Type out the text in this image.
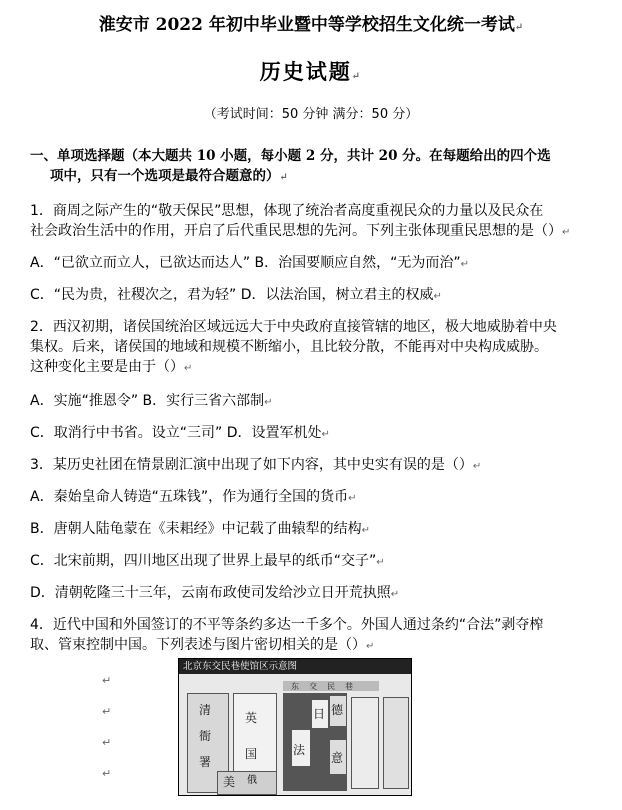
淮安市 2022 年初中毕业暨中等学校招生文化统一考试↵
历史试题↵
（考试时间：50 分钟 满分：50 分）
一、单项选择题（本大题共 10 小题，每小题 2 分，共计 20 分。在每题给出的四个选
项中，只有一个选项是最符合题意的）↵
1．商周之际产生的“敬天保民”思想，体现了统治者高度重视民众的力量以及民众在
社会政治生活中的作用，开启了后代重民思想的先河。下列主张体现重民思想的是（）↵
A．“已欲立而立人，已欲达而达人” B．治国要顺应自然，“无为而治”↵
C．“民为贵，社稷次之，君为轻” D．以法治国，树立君主的权威↵
2．西汉初期，诸侯国统治区域远远大于中央政府直接管辖的地区，极大地威胁着中央
集权。后来，诸侯国的地域和规模不断缩小，且比较分散，不能再对中央构成威胁。
这种变化主要是由于（）↵
A．实施“推恩令” B．实行三省六部制↵
C．取消行中书省。设立“三司” D．设置军机处↵
3．某历史社团在情景剧汇演中出现了如下内容，其中史实有误的是（）↵
A．秦始皇命人铸造“五珠钱”，作为通行全国的货币↵
B．唐朝人陆龟蒙在《耒耜经》中记载了曲辕犁的结构↵
C．北宋前期，四川地区出现了世界上最早的纸币“交子”↵
D．清朝乾隆三十三年，云南布政使司发给沙立日开荒执照↵
4．近代中国和外国签订的不平等条约多达一千多个。外国人通过条约“合法”剥夺榨
取、管束控制中国。下列表述与图片密切相关的是（）↵
↵
↵
↵
↵
北京东交民巷使馆区示意图
清
衙
署
英
国
美 俄
法
日 德
意
东 交 民 巷
